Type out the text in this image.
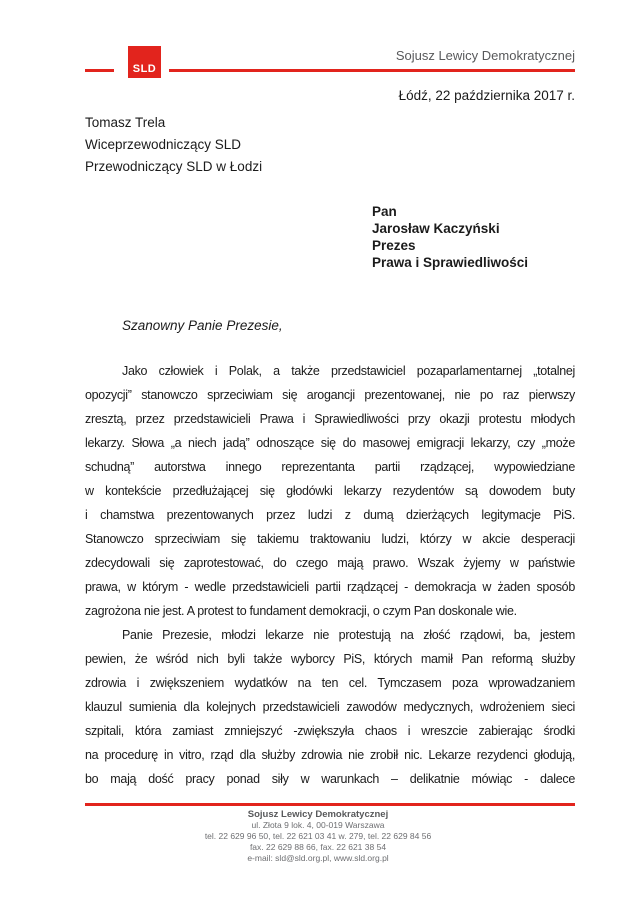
SLD
Sojusz Lewicy Demokratycznej
Łódź, 22 października 2017 r.
Tomasz Trela
Wiceprzewodniczący SLD
Przewodniczący SLD w Łodzi
Pan
Jarosław Kaczyński
Prezes
Prawa i Sprawiedliwości
Szanowny Panie Prezesie,
Jako człowiek i Polak, a także przedstawiciel pozaparlamentarnej „totalnej
opozycji” stanowczo sprzeciwiam się arogancji prezentowanej, nie po raz pierwszy
zresztą, przez przedstawicieli Prawa i Sprawiedliwości przy okazji protestu młodych
lekarzy. Słowa „a niech jadą” odnoszące się do masowej emigracji lekarzy, czy „może
schudną” autorstwa innego reprezentanta partii rządzącej, wypowiedziane
w kontekście przedłużającej się głodówki lekarzy rezydentów są dowodem buty
i chamstwa prezentowanych przez ludzi z dumą dzierżących legitymacje PiS.
Stanowczo sprzeciwiam się takiemu traktowaniu ludzi, którzy w akcie desperacji
zdecydowali się zaprotestować, do czego mają prawo. Wszak żyjemy w państwie
prawa, w którym - wedle przedstawicieli partii rządzącej - demokracja w żaden sposób
zagrożona nie jest. A protest to fundament demokracji, o czym Pan doskonale wie.
Panie Prezesie, młodzi lekarze nie protestują na złość rządowi, ba, jestem
pewien, że wśród nich byli także wyborcy PiS, których mamił Pan reformą służby
zdrowia i zwiększeniem wydatków na ten cel. Tymczasem poza wprowadzaniem
klauzul sumienia dla kolejnych przedstawicieli zawodów medycznych, wdrożeniem sieci
szpitali, która zamiast zmniejszyć -zwiększyła chaos i wreszcie zabierając środki
na procedurę in vitro, rząd dla służby zdrowia nie zrobił nic. Lekarze rezydenci głodują,
bo mają dość pracy ponad siły w warunkach – delikatnie mówiąc - dalece
Sojusz Lewicy Demokratycznej
ul. Złota 9 lok. 4, 00-019 Warszawa
tel. 22 629 96 50, tel. 22 621 03 41 w. 279, tel. 22 629 84 56
fax. 22 629 88 66, fax. 22 621 38 54
e-mail: sld@sld.org.pl, www.sld.org.pl
